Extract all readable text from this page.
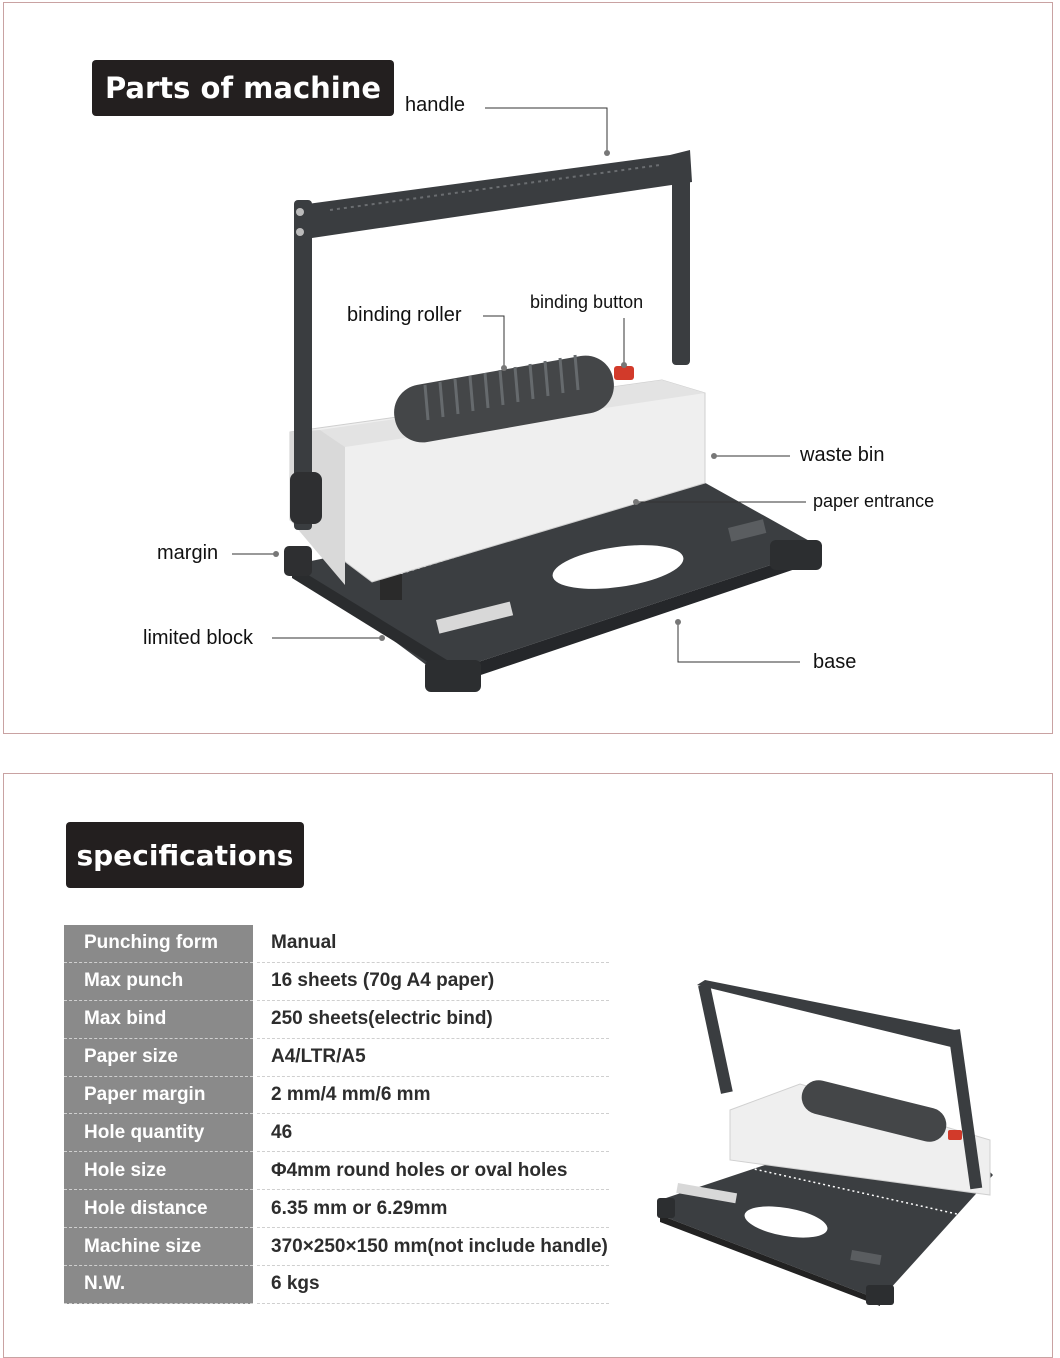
Parts of machine	handle
binding roller
binding button
waste bin
paper entrance
margin
limited block
base
specifications
Punching form	Manual
Max punch	16 sheets (70g A4 paper)
Max bind	250 sheets(electric bind)
Paper size	A4/LTR/A5
Paper margin	2 mm/4 mm/6 mm
Hole quantity	46
Hole size	Φ4mm round holes or oval holes
Hole distance	6.35 mm or 6.29mm
Machine size	370×250×150 mm(not include handle)
N.W.	6 kgs
